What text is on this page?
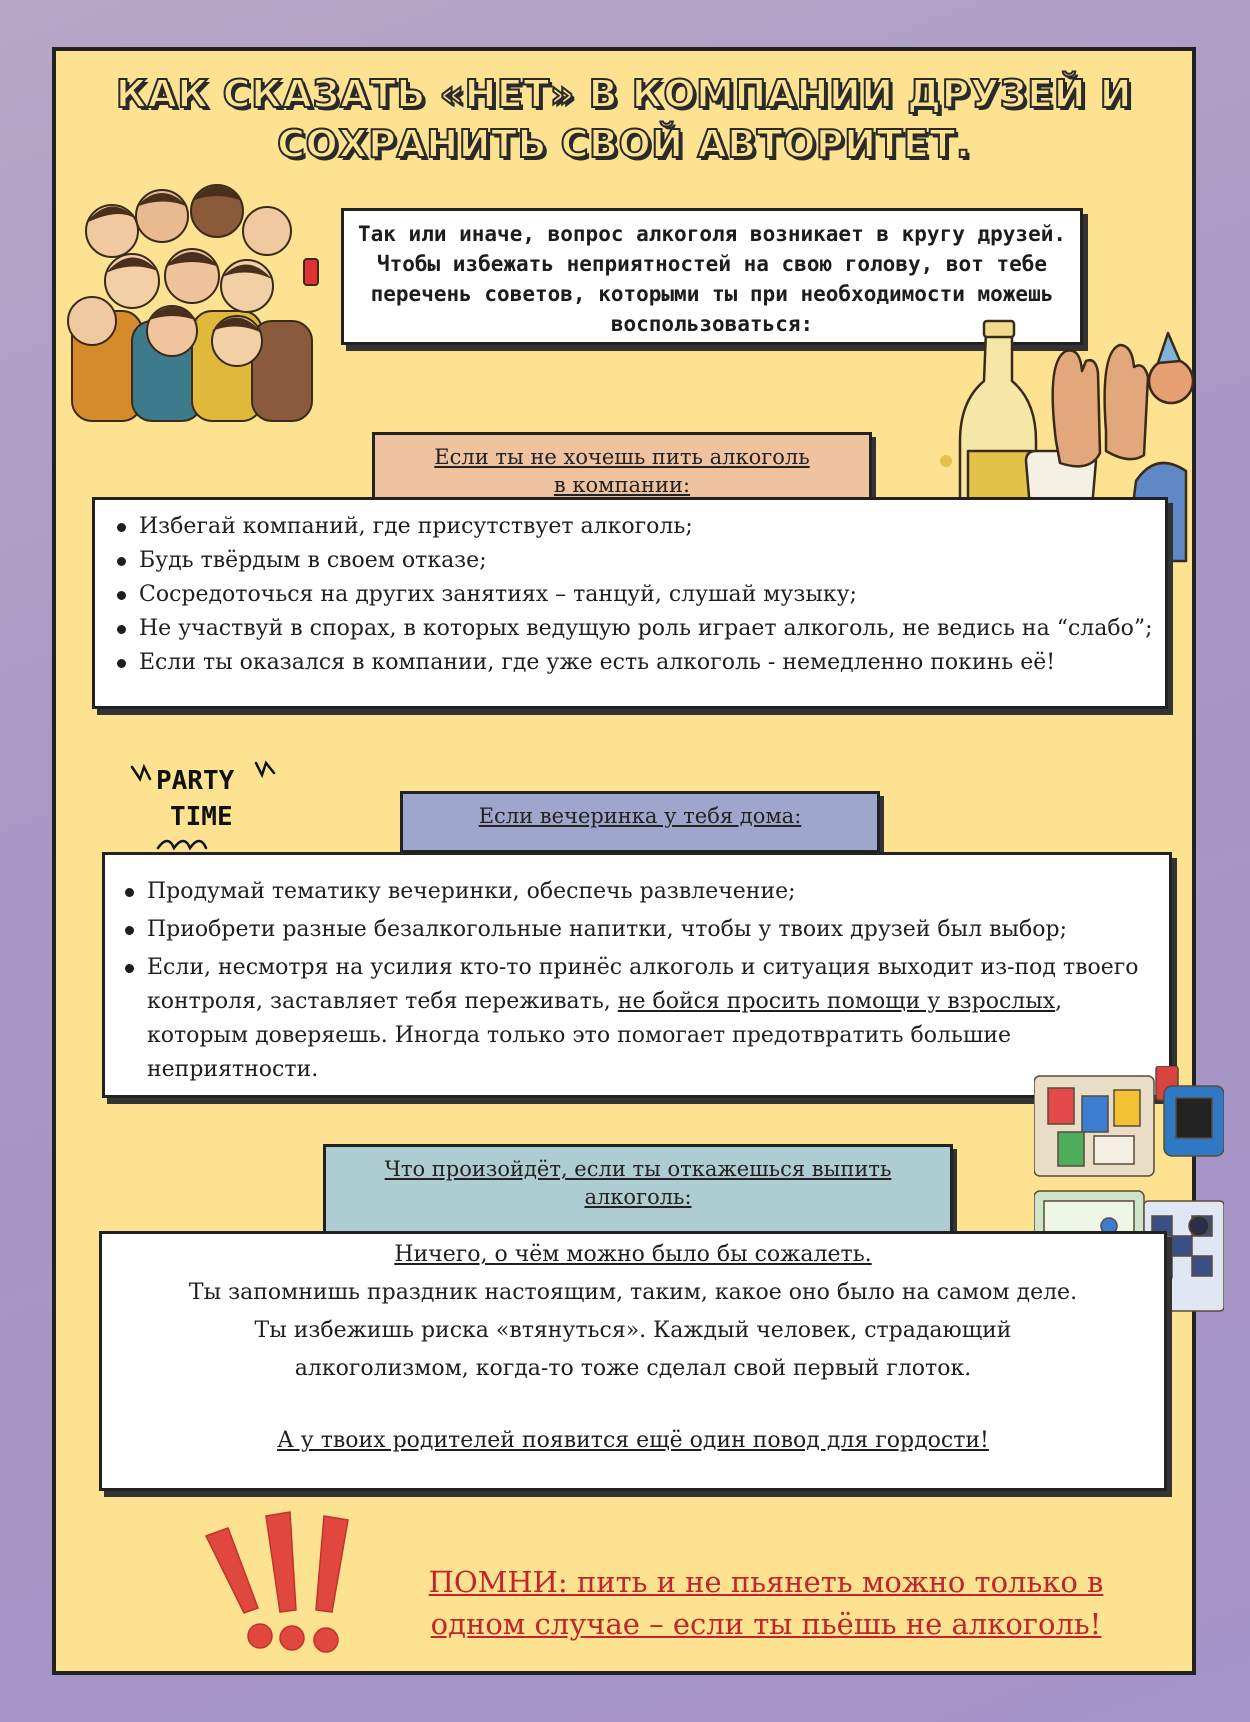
КАК СКАЗАТЬ «НЕТ» В КОМПАНИИ ДРУЗЕЙ И
СОХРАНИТЬ СВОЙ АВТОРИТЕТ.
Так или иначе, вопрос алкоголя возникает в кругу друзей.
Чтобы избежать неприятностей на свою голову, вот тебе
перечень советов, которыми ты при необходимости можешь
воспользоваться:
Если ты не хочешь пить алкоголь
в компании:
Избегай компаний, где присутствует алкоголь;
Будь твёрдым в своем отказе;
Сосредоточься на других занятиях – танцуй, слушай музыку;
Не участвуй в спорах, в которых ведущую роль играет алкоголь, не ведись на “слабо”;
Если ты оказался в компании, где уже есть алкоголь - немедленно покинь её!
PARTY
TIME	Если вечеринка у тебя дома:
Продумай тематику вечеринки, обеспечь развлечение;
Приобрети разные безалкогольные напитки, чтобы у твоих друзей был выбор;
Если, несмотря на усилия кто-то принёс алкоголь и ситуация выходит из-под твоего контроля, заставляет тебя переживать, не бойся просить помощи у взрослых, которым доверяешь. Иногда только это помогает предотвратить большие неприятности.
Что произойдёт, если ты откажешься выпить
алкоголь:
Ничего, о чём можно было бы сожалеть.
Ты запомнишь праздник настоящим, таким, какое оно было на самом деле.
Ты избежишь риска «втянуться». Каждый человек, страдающий
алкоголизмом, когда-то тоже сделал свой первый глоток.
А у твоих родителей появится ещё один повод для гордости!
ПОМНИ: пить и не пьянеть можно только в
одном случае – если ты пьёшь не алкоголь!
